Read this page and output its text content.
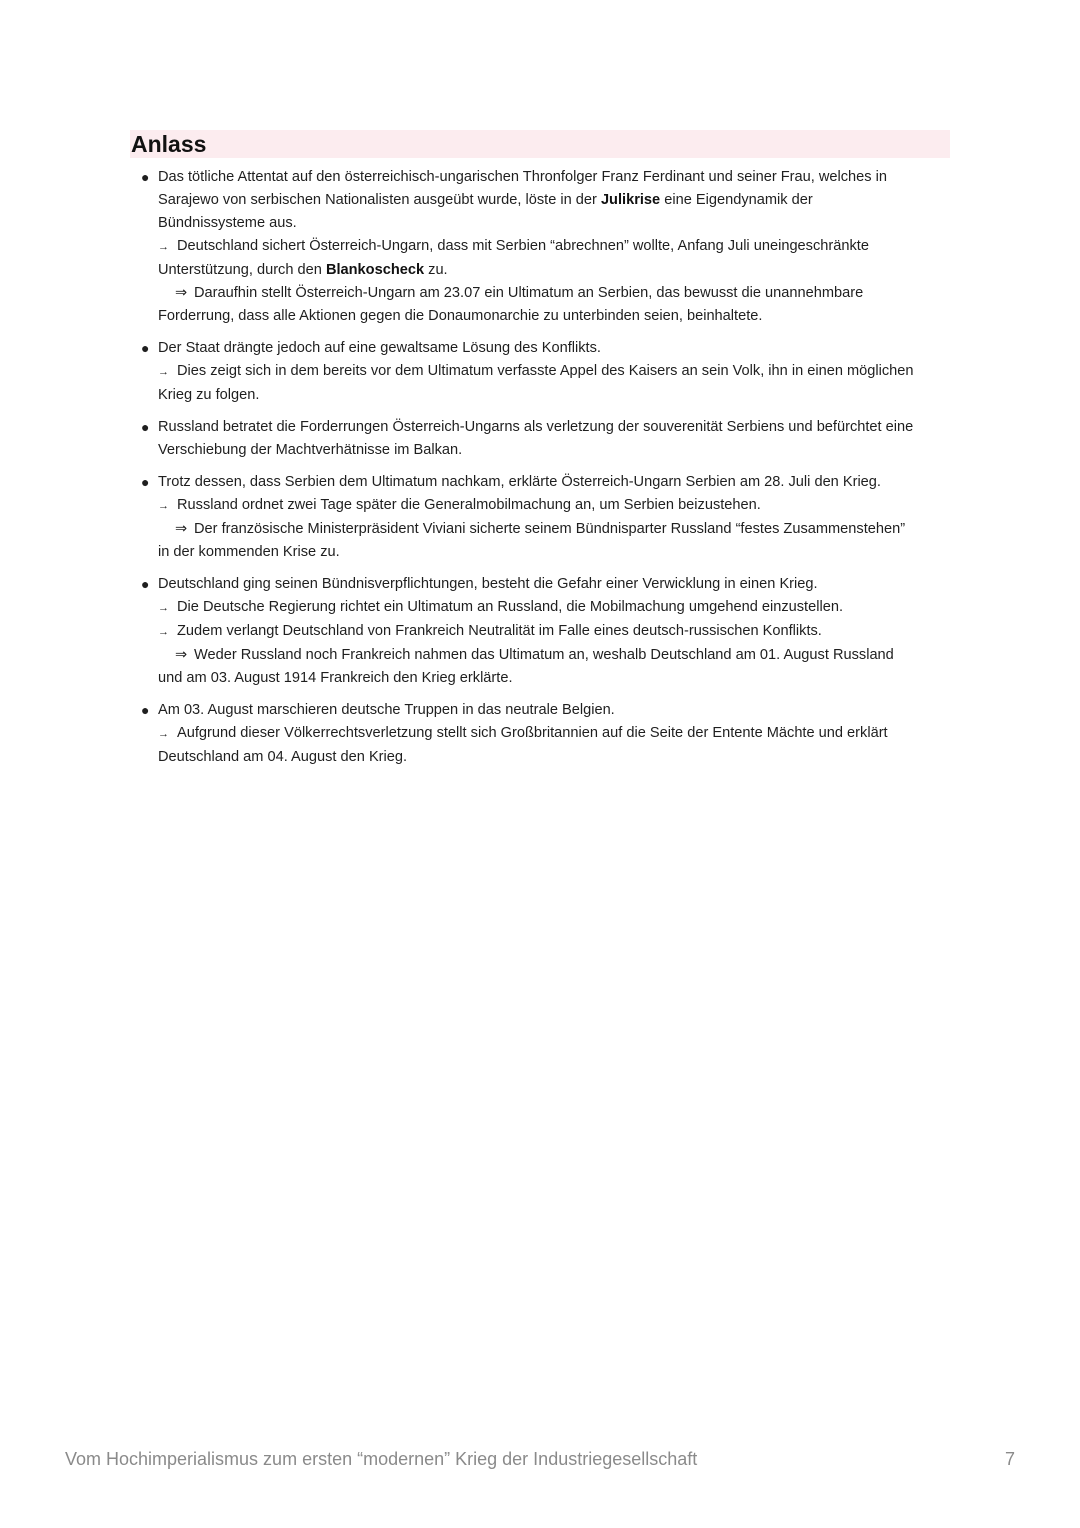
Anlass
● Das tötliche Attentat auf den österreichisch-ungarischen Thronfolger Franz Ferdinant und seiner Frau, welches in
Sarajewo von serbischen Nationalisten ausgeübt wurde, löste in der Julikrise eine Eigendynamik der
Bündnissysteme aus.
→ Deutschland sichert Österreich-Ungarn, dass mit Serbien “abrechnen” wollte, Anfang Juli uneingeschränkte
Unterstützung, durch den Blankoscheck zu.
⇒ Daraufhin stellt Österreich-Ungarn am 23.07 ein Ultimatum an Serbien, das bewusst die unannehmbare
Forderrung, dass alle Aktionen gegen die Donaumonarchie zu unterbinden seien, beinhaltete.
● Der Staat drängte jedoch auf eine gewaltsame Lösung des Konflikts.
→ Dies zeigt sich in dem bereits vor dem Ultimatum verfasste Appel des Kaisers an sein Volk, ihn in einen möglichen
Krieg zu folgen.
● Russland betratet die Forderrungen Österreich-Ungarns als verletzung der souverenität Serbiens und befürchtet eine
Verschiebung der Machtverhätnisse im Balkan.
● Trotz dessen, dass Serbien dem Ultimatum nachkam, erklärte Österreich-Ungarn Serbien am 28. Juli den Krieg.
→ Russland ordnet zwei Tage später die Generalmobilmachung an, um Serbien beizustehen.
⇒ Der französische Ministerpräsident Viviani sicherte seinem Bündnisparter Russland “festes Zusammenstehen”
in der kommenden Krise zu.
● Deutschland ging seinen Bündnisverpflichtungen, besteht die Gefahr einer Verwicklung in einen Krieg.
→ Die Deutsche Regierung richtet ein Ultimatum an Russland, die Mobilmachung umgehend einzustellen.
→ Zudem verlangt Deutschland von Frankreich Neutralität im Falle eines deutsch-russischen Konflikts.
⇒ Weder Russland noch Frankreich nahmen das Ultimatum an, weshalb Deutschland am 01. August Russland
und am 03. August 1914 Frankreich den Krieg erklärte.
● Am 03. August marschieren deutsche Truppen in das neutrale Belgien.
→ Aufgrund dieser Völkerrechtsverletzung stellt sich Großbritannien auf die Seite der Entente Mächte und erklärt
Deutschland am 04. August den Krieg.
Vom Hochimperialismus zum ersten “modernen” Krieg der Industriegesellschaft	7
